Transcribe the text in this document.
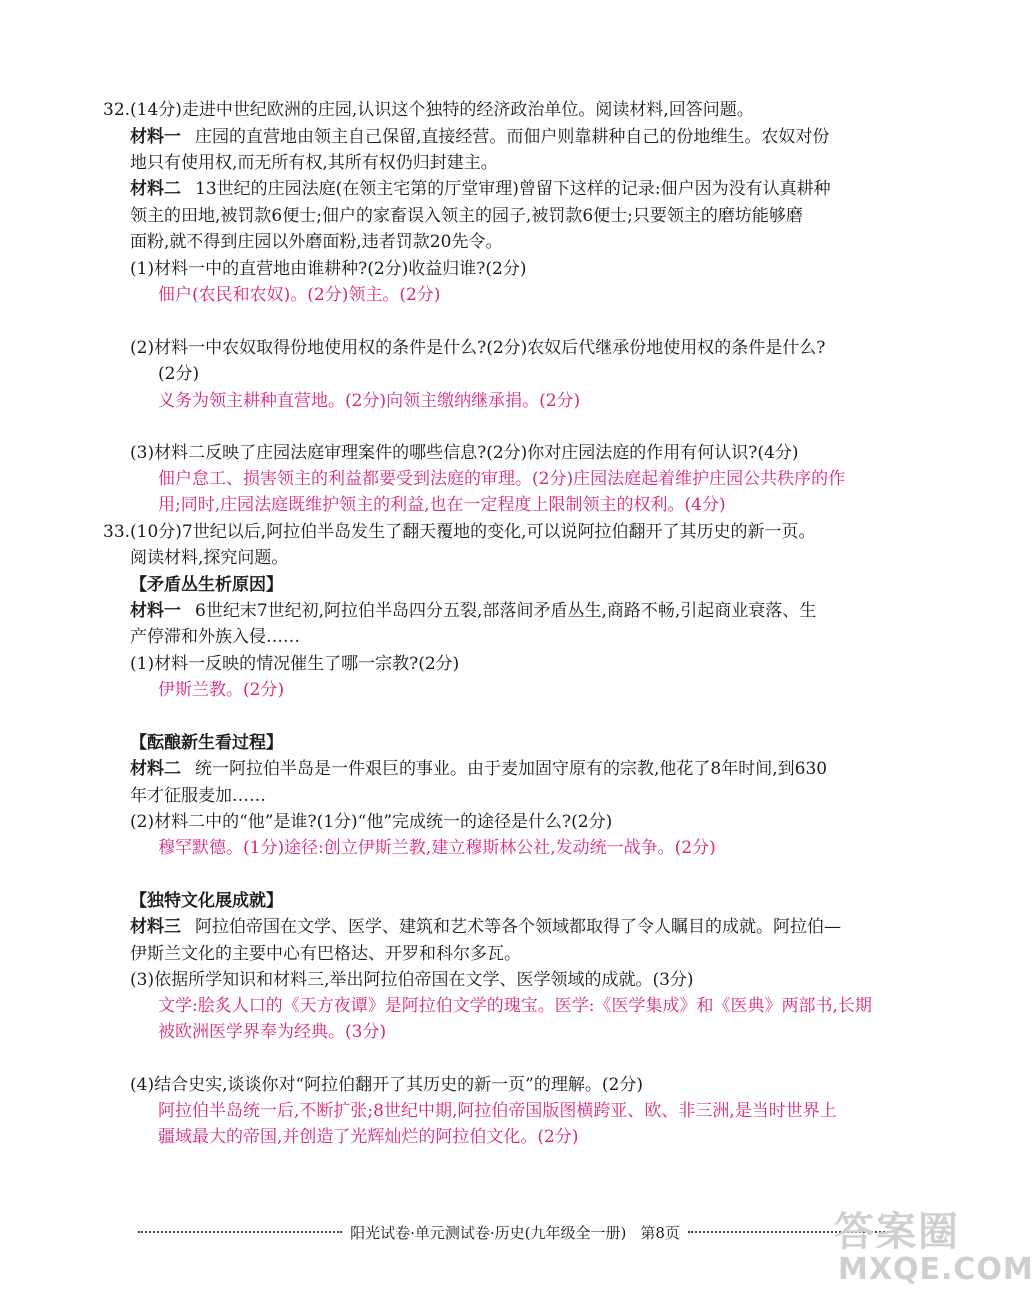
32.(14分)走进中世纪欧洲的庄园,认识这个独特的经济政治单位。阅读材料,回答问题。
材料一 庄园的直营地由领主自己保留,直接经营。而佃户则靠耕种自己的份地维生。农奴对份
地只有使用权,而无所有权,其所有权仍归封建主。
材料二 13世纪的庄园法庭(在领主宅第的厅堂审理)曾留下这样的记录:佃户因为没有认真耕种
领主的田地,被罚款6便士;佃户的家畜误入领主的园子,被罚款6便士;只要领主的磨坊能够磨
面粉,就不得到庄园以外磨面粉,违者罚款20先令。
(1)材料一中的直营地由谁耕种?(2分)收益归谁?(2分)
佃户(农民和农奴)。(2分)领主。(2分)
(2)材料一中农奴取得份地使用权的条件是什么?(2分)农奴后代继承份地使用权的条件是什么?
(2分)
义务为领主耕种直营地。(2分)向领主缴纳继承捐。(2分)
(3)材料二反映了庄园法庭审理案件的哪些信息?(2分)你对庄园法庭的作用有何认识?(4分)
佃户怠工、损害领主的利益都要受到法庭的审理。(2分)庄园法庭起着维护庄园公共秩序的作
用;同时,庄园法庭既维护领主的利益,也在一定程度上限制领主的权利。(4分)
33.(10分)7世纪以后,阿拉伯半岛发生了翻天覆地的变化,可以说阿拉伯翻开了其历史的新一页。
阅读材料,探究问题。
【矛盾丛生析原因】
材料一 6世纪末7世纪初,阿拉伯半岛四分五裂,部落间矛盾丛生,商路不畅,引起商业衰落、生
产停滞和外族入侵……
(1)材料一反映的情况催生了哪一宗教?(2分)
伊斯兰教。(2分)
【酝酿新生看过程】
材料二 统一阿拉伯半岛是一件艰巨的事业。由于麦加固守原有的宗教,他花了8年时间,到630
年才征服麦加……
(2)材料二中的“他”是谁?(1分)“他”完成统一的途径是什么?(2分)
穆罕默德。(1分)途径:创立伊斯兰教,建立穆斯林公社,发动统一战争。(2分)
【独特文化展成就】
材料三 阿拉伯帝国在文学、医学、建筑和艺术等各个领域都取得了令人瞩目的成就。阿拉伯—
伊斯兰文化的主要中心有巴格达、开罗和科尔多瓦。
(3)依据所学知识和材料三,举出阿拉伯帝国在文学、医学领域的成就。(3分)
文学:脍炙人口的《天方夜谭》是阿拉伯文学的瑰宝。医学:《医学集成》和《医典》两部书,长期
被欧洲医学界奉为经典。(3分)
(4)结合史实,谈谈你对“阿拉伯翻开了其历史的新一页”的理解。(2分)
阿拉伯半岛统一后,不断扩张;8世纪中期,阿拉伯帝国版图横跨亚、欧、非三洲,是当时世界上
疆域最大的帝国,并创造了光辉灿烂的阿拉伯文化。(2分)
阳光试卷·单元测试卷·历史(九年级全一册) 第8页	答案圈
MXQE.COM
